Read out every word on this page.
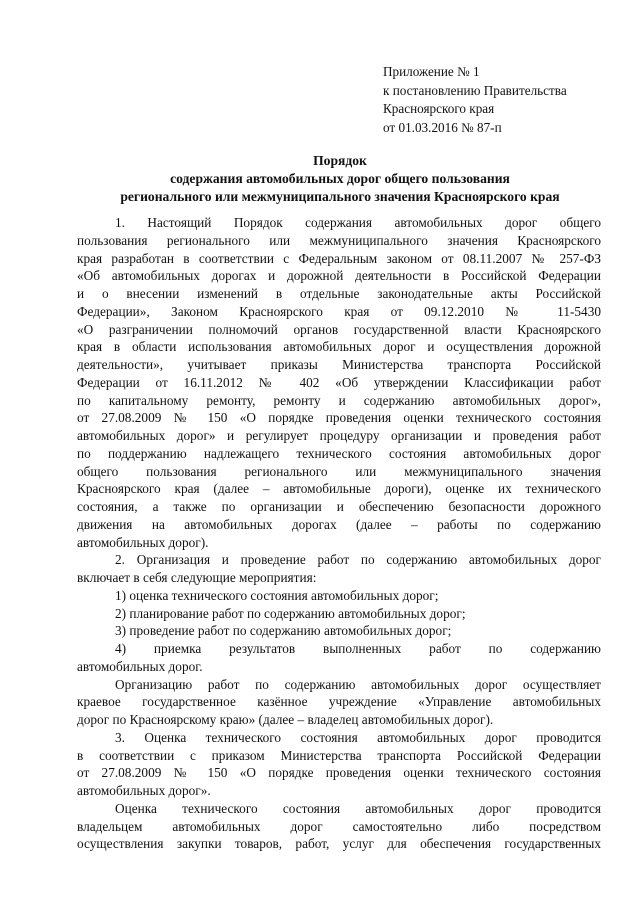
Приложение № 1
к постановлению Правительства
Красноярского края
от 01.03.2016 № 87-п
Порядок
содержания автомобильных дорог общего пользования
регионального или межмуниципального значения Красноярского края
1. Настоящий Порядок содержания автомобильных дорог общего
пользования регионального или межмуниципального значения Красноярского
края разработан в соответствии с Федеральным законом от 08.11.2007 № 257-ФЗ
«Об автомобильных дорогах и дорожной деятельности в Российской Федерации
и о внесении изменений в отдельные законодательные акты Российской
Федерации», Законом Красноярского края от 09.12.2010 № 11-5430
«О разграничении полномочий органов государственной власти Красноярского
края в области использования автомобильных дорог и осуществления дорожной
деятельности», учитывает приказы Министерства транспорта Российской
Федерации от 16.11.2012 № 402 «Об утверждении Классификации работ
по капитальному ремонту, ремонту и содержанию автомобильных дорог»,
от 27.08.2009 № 150 «О порядке проведения оценки технического состояния
автомобильных дорог» и регулирует процедуру организации и проведения работ
по поддержанию надлежащего технического состояния автомобильных дорог
общего пользования регионального или межмуниципального значения
Красноярского края (далее – автомобильные дороги), оценке их технического
состояния, а также по организации и обеспечению безопасности дорожного
движения на автомобильных дорогах (далее – работы по содержанию
автомобильных дорог).
2. Организация и проведение работ по содержанию автомобильных дорог
включает в себя следующие мероприятия:
1) оценка технического состояния автомобильных дорог;
2) планирование работ по содержанию автомобильных дорог;
3) проведение работ по содержанию автомобильных дорог;
4) приемка результатов выполненных работ по содержанию
автомобильных дорог.
Организацию работ по содержанию автомобильных дорог осуществляет
краевое государственное казённое учреждение «Управление автомобильных
дорог по Красноярскому краю» (далее – владелец автомобильных дорог).
3. Оценка технического состояния автомобильных дорог проводится
в соответствии с приказом Министерства транспорта Российской Федерации
от 27.08.2009 № 150 «О порядке проведения оценки технического состояния
автомобильных дорог».
Оценка технического состояния автомобильных дорог проводится
владельцем автомобильных дорог самостоятельно либо посредством
осуществления закупки товаров, работ, услуг для обеспечения государственных
